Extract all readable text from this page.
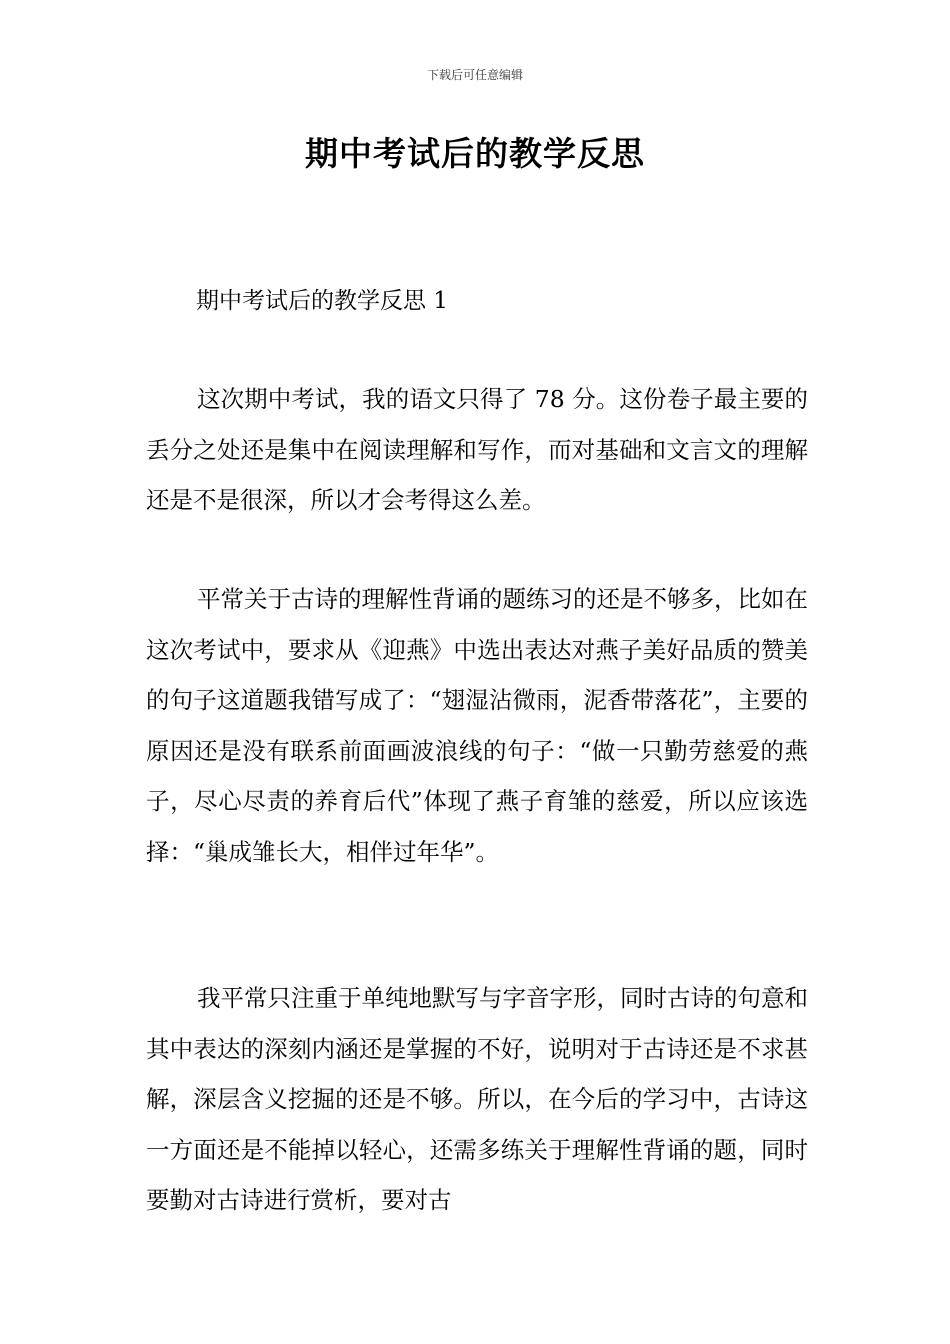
下载后可任意编辑
期中考试后的教学反思
期中考试后的教学反思 1

这次期中考试，我的语文只得了 78 分。这份卷子最主要的丢分之处还是集中在阅读理解和写作，而对基础和文言文的理解还是不是很深，所以才会考得这么差。

平常关于古诗的理解性背诵的题练习的还是不够多，比如在这次考试中，要求从《迎燕》中选出表达对燕子美好品质的赞美的句子这道题我错写成了：“翅湿沾微雨，泥香带落花”，主要的原因还是没有联系前面画波浪线的句子：“做一只勤劳慈爱的燕子，尽心尽责的养育后代”体现了燕子育雏的慈爱，所以应该选择：“巢成雏长大，相伴过年华”。

我平常只注重于单纯地默写与字音字形，同时古诗的句意和其中表达的深刻内涵还是掌握的不好，说明对于古诗还是不求甚解，深层含义挖掘的还是不够。所以，在今后的学习中，古诗这一方面还是不能掉以轻心，还需多练关于理解性背诵的题，同时要勤对古诗进行赏析，要对古
